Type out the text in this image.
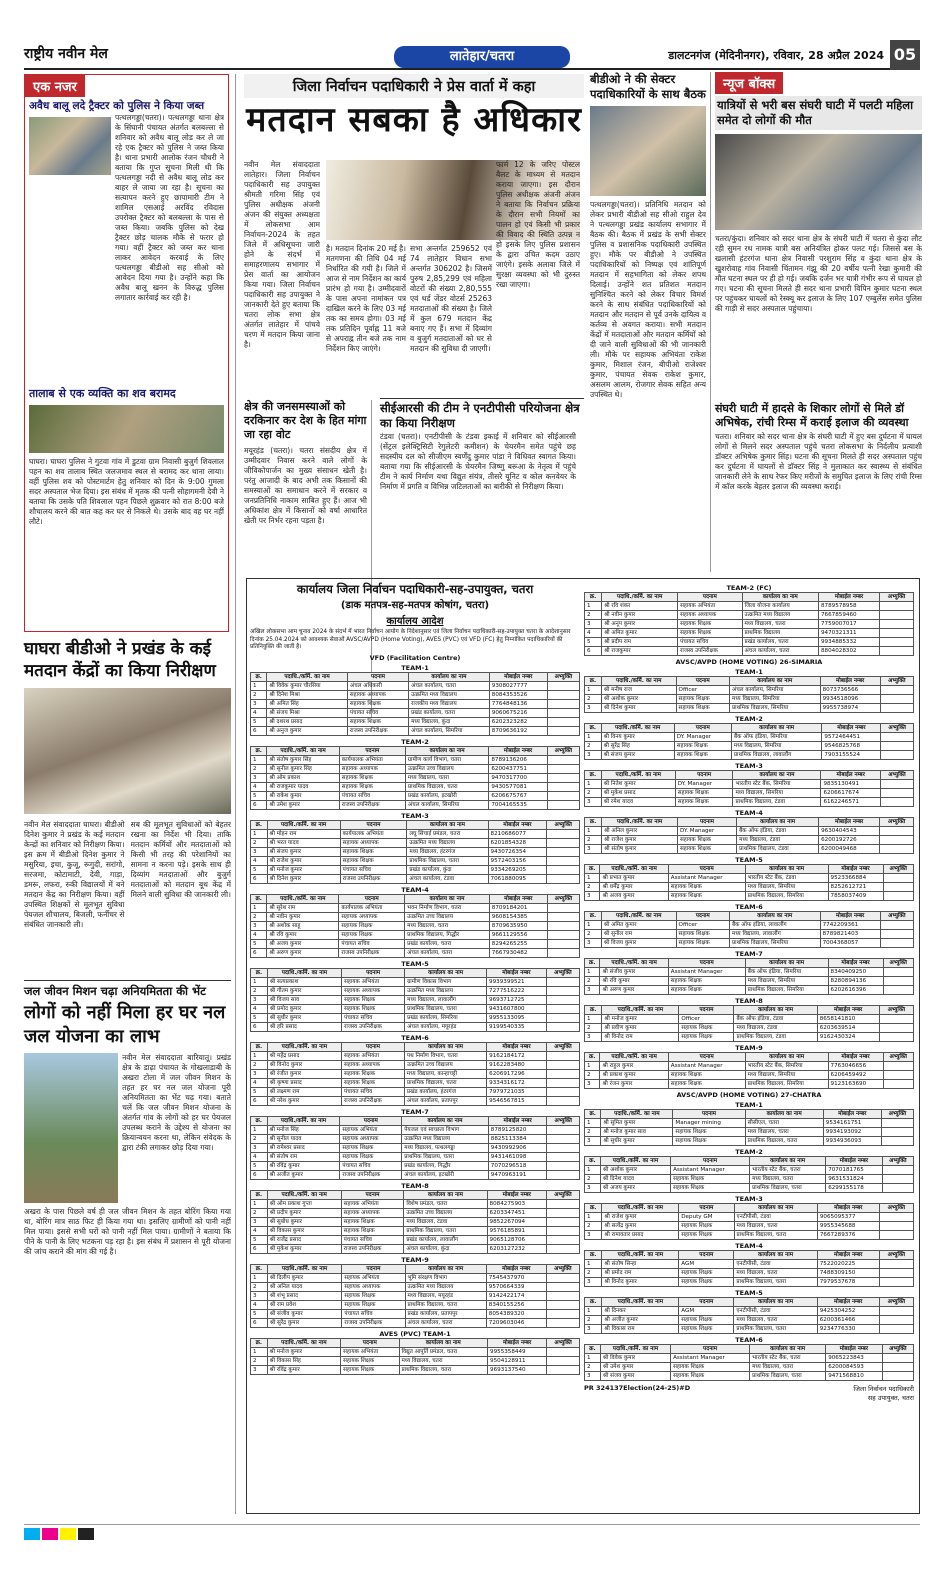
राष्ट्रीय नवीन मेल	लातेहार/चतरा	डालटनगंज (मेदिनीनगर), रविवार, 28 अप्रैल 2024 05
एक नजर
अवैध बालू लदे ट्रैक्टर को पुलिस ने किया जब्त
पत्थलगड्डा(चतरा)। पत्थलगड्डा थाना क्षेत्र के सिंघानी पंचायत अंतर्गत बलबल्ला से शनिवार को अवैध बालू लोड कर ले जा रहे एक ट्रैक्टर को पुलिस ने जब्त किया है। थाना प्रभारी आलोक रंजन चौधरी ने बताया कि गुप्त सूचना मिली थी कि पत्थलगड्डा नदी से अवैध बालू लोड कर बाहर ले जाया जा रहा है। सूचना का सत्यापन करने हुए छापामारी टीम ने शामिल एसआई अरविंद रविदास उपरोक्त ट्रैक्टर को बलबल्ला के पास से जब्त किया। जबकि पुलिस को देख ट्रैक्टर छोड़ चालक मौके से फरार हो गया। वहीं ट्रैक्टर को जब्त कर थाना लाकर आवेदन करवाई के लिए पत्थलगड्डा बीडीओ सह सीओ को आवेदन दिया गया है। उन्होंने कहा कि अवैध बालू खनन के विरुद्ध पुलिस लगातार कार्रवाई कर रही है।
तालाब से एक व्यक्ति का शव बरामद
घाघरा। घाघरा पुलिस ने गुटवा गांव में डुटवा ग्राम निवासी बुजुर्ग शिवलाल पहन का शव तालाब स्थित जलजमाव स्थल से बरामद कर थाना लाया। वहीं पुलिस शव को पोस्टमार्टम हेतु शनिवार को दिन के 9:00 गुमला सदर अस्पताल भेज दिया। इस संबंध में मृतक की पत्नी सोहागमनी देवी ने बताया कि उसके पति शिवलाल पहन पिछले शुक्रवार को रात 8:00 बजे शौचालय करने की बात कह कर घर से निकले थे। उसके बाद वह घर नहीं लौटे।
घाघरा बीडीओ ने प्रखंड के कई मतदान केंद्रों का किया निरीक्षण
नवीन मेल संवाददाता घाघरा। बीडीओ दिनेश कुमार ने प्रखंड के कई मतदान केन्द्रों का शनिवार को निरीक्षण किया। इस क्रम में बीडीओ दिनेश कुमार ने मसुरिया, इचा, कुजू, रूगुदी, सरांगो, सरजमा, कोटामाटी, देवी, गाड़ा, डमरू, लफरा, रुकी विद्यालयों में बने मतदान केंद्र का निरीक्षण किया। वहीं उपस्थित शिक्षकों से मूलभूत सुविधा पेयजल शौचालय, बिजली, फर्नीचर से संबंधित जानकारी ली।
सब की मूलभूत सुविधाओं को बेहतर रखना का निर्देश भी दिया। ताकि मतदान कर्मियों और मतदाताओं को किसी भी तरह की परेशानियों का सामना न करना पड़े। इसके साथ ही दिव्यांग मतदाताओं और बुजुर्ग मतदाताओं को मतदान बूथ केंद्र में मिलने वाली सुविधा की जानकारी ली।
जल जीवन मिशन चढ़ा अनियमितता की भेंट
लोगों को नहीं मिला हर घर नल जल योजना का लाभ
नवीन मेल संवाददाता बारियातू। प्रखंड क्षेत्र के डाढ़ा पंचायत के गोखलाडाबी के अखरा टोला में जल जीवन मिशन के तहत हर घर नल जल योजना पूरी अनियमितता का भेंट चढ़ गया। बताते चलें कि जल जीवन मिशन योजना के अंतर्गत गांव के लोगों को हर घर पेयजल उपलब्ध कराने के उद्देश्य से योजना का क्रियान्वयन करना था, लेकिन संवेदक के द्वारा टंकी लगाकर छोड़ दिया गया।
अखरा के पास पिछले वर्ष ही जल जीवन मिशन के तहत बोरिंग किया गया था, बोरिंग मात्र साठ फिट ही किया गया था। इसलिए ग्रामीणों को पानी नहीं मिल पाया। इससे सभी घरों को पानी नहीं मिल पाया। ग्रामीणों ने बताया कि पीने के पानी के लिए भटकना पड़ रहा है। इस संबंध में प्रशासन से पूरी योजना की जांच कराने की मांग की गई है।
जिला निर्वाचन पदाधिकारी ने प्रेस वार्ता में कहा
मतदान सबका है अधिकार
नवीन मेल संवाददाता लातेहार। जिला निर्वाचन पदाधिकारी सह उपायुक्त श्रीमती गरिमा सिंह एवं पुलिस अधीक्षक अंजनी अंजन की संयुक्त अध्यक्षता में लोकसभा आम निर्वाचन-2024 के तहत जिले में अधिसूचना जारी होने के संदर्भ में समाहरणालय सभागार में प्रेस वार्ता का आयोजन किया गया। जिला निर्वाचन पदाधिकारी सह उपायुक्त ने जानकारी देते हुए बताया कि चतरा लोक सभा क्षेत्र अंतर्गत लातेहार में पांचवे चरण में मतदान किया जाना है।
है। मतदान दिनांक 20 मई है। मतगणना की तिथि 04 मई निर्धारित की गयी है। जिले में आज से नाम निर्देशन का कार्य प्रारंभ हो गया है। उम्मीदवारों के पास अपना नामांकन पत्र दाखिल करने के लिए 03 मई तक का समय होगा। 03 मई तक प्रतिदिन पूर्वाह्न 11 बजे से अपराह्न तीन बजे तक नाम निर्देशन किए जाएंगे।
सभा अन्तर्गत 259652 एवं 74 लातेहार विधान सभा अन्तर्गत 306202 है। जिसमें पुरुष 2,85,299 एवं महिला वोटरों की संख्या 2,80,555 एवं थर्ड जेंडर वोटर्स 25263 मतदाताओं की संख्या है। जिले में कुल 679 मतदान केंद्र बनाए गए हैं। सभा में दिव्यांग व बुजुर्ग मतदाताओं को घर से मतदान की सुविधा दी जाएगी।
फार्म 12 के जरिए पोस्टल बैलट के माध्यम से मतदान कराया जाएगा। इस दौरान पुलिस अधीक्षक अंजनी अंजन ने बताया कि निर्वाचन प्रक्रिया के दौरान सभी नियमों का पालन हो एवं किसी भी प्रकार की विवाद की स्थिति उत्पन्न न हो इसके लिए पुलिस प्रशासन के द्वारा उचित कदम उठाए जाएंगे। इसके अलावा जिले में सुरक्षा व्यवस्था को भी दुरुस्त रखा जाएगा।
क्षेत्र की जनसमस्याओं को दरकिनार कर देश के हित मांगा जा रहा वोट
मयूरहंड (चतरा)। चतरा संसदीय क्षेत्र में उम्मीदवार निवास करने वाले लोगों के जीविकोपार्जन का मुख्य संसाधन खेती है। परंतु आजादी के बाद अभी तक किसानों की समस्याओं का समाधान करने में सरकार व जनप्रतिनिधि नाकाम साबित हुए हैं। आज भी अधिकांश क्षेत्र में किसानों को वर्षा आधारित खेती पर निर्भर रहना पड़ता है।
सीईआरसी की टीम ने एनटीपीसी परियोजना क्षेत्र का किया निरीक्षण
टंडवा (चतरा)। एनटीपीसी के टंडवा इकाई में शनिवार को सीईआरसी (सेंट्रल इलेक्ट्रिसिटी रेगुलेटरी कमीशन) के चेयरमैन समेत पहुंचे छह सदस्यीय दल को सीजीएम स्वर्णेंदु कुमार पांडा ने विधिवत स्वागत किया। बताया गया कि सीईआरसी के चेयरमैन जिष्णु बरूआ के नेतृत्व में पहुंचे टीम ने कार्य निर्माण यथा विद्युत संयंत्र, तीसरे यूनिट व कोल कनवेयर के निर्माण में प्रगति व विभिन्न जटिलताओं का बारीकी से निरीक्षण किया।
बीडीओ ने की सेक्टर पदाधिकारियों के साथ बैठक
पत्थलगड्डा(चतरा)। प्रतिनिधि मतदान को लेकर प्रभारी बीडीओ सह सीओ राहुल देव ने पत्थलगड्डा प्रखंड कार्यालय सभागार में बैठक की। बैठक में प्रखंड के सभी सेक्टर पुलिस व प्रशासनिक पदाधिकारी उपस्थित हुए। मौके पर बीडीओ ने उपस्थित पदाधिकारियों को निष्पक्ष एवं शांतिपूर्ण मतदान में सहभागिता को लेकर शपथ दिलाई। उन्होंने शत प्रतिशत मतदान सुनिश्चित करने को लेकर विचार विमर्श करने के साथ संबंधित पदाधिकारियों को मतदान और मतदान से पूर्व उनके दायित्व व कर्तव्य से अवगत कराया। सभी मतदान केंद्रों में मतदाताओं और मतदान कर्मियों को दी जाने वाली सुविधाओं की भी जानकारी ली। मौके पर सहायक अभियंता राकेश कुमार, मिशाल रंजन, बीपीओ राजेश्वर कुमार, पंचायत सेवक राकेश कुमार, असलम आलम, रोजगार सेवक सहित अन्य उपस्थित थे।
न्यूज बॉक्स
यात्रियों से भरी बस संघरी घाटी में पलटी महिला समेत दो लोगों की मौत
चतरा/कुंदा। शनिवार को सदर थाना क्षेत्र के संघरी घाटी में चतरा से कुंदा लौट रही सुमन रथ नामक यात्री बस अनियंत्रित होकर पलट गई। जिससे बस के खलासी हंटरगंज थाना क्षेत्र निवासी परशुराम सिंह व कुंदा थाना क्षेत्र के खुशरोवाह गांव निवासी चिंतामन गंझू की 20 वर्षीय पत्नी रेखा कुमारी की मौत घटना स्थल पर ही हो गई। जबकि दर्जन भर यात्री गंभीर रूप से घायल हो गए। घटना की सूचना मिलते ही सदर थाना प्रभारी विपिन कुमार घटना स्थल पर पहुंचकर घायलों को रेस्क्यू कर इलाज के लिए 107 एम्बुलेंस समेत पुलिस की गाड़ी से सदर अस्पताल पहुंचाया।
संघरी घाटी में हादसे के शिकार लोगों से मिले डॉ अभिषेक, रांची रिम्स में कराई इलाज की व्यवस्था
चतरा। शनिवार को सदर थाना क्षेत्र के संघरी घाटी में हुए बस दुर्घटना में घायल लोगों से मिलने सदर अस्पताल पहुंचे चतरा लोकसभा के निर्दलीय प्रत्याशी डॉक्टर अभिषेक कुमार सिंह। घटना की सूचना मिलते ही सदर अस्पताल पहुंच कर दुर्घटना में घायलों से डॉक्टर सिंह ने मुलाकात कर स्वास्थ्य से संबंधित जानकारी लेने के साथ रेफर किए मरीजों के समुचित इलाज के लिए रांची रिम्स में कॉल करके बेहतर इलाज की व्यवस्था कराई।
कार्यालय जिला निर्वाचन पदाधिकारी-सह-उपायुक्त, चतरा
(डाक मतपत्र-सह-मतपत्र कोषांग, चतरा)
कार्यालय आदेश
अखिल लोकसभा आम चुनाव 2024 के संदर्भ में भारत निर्वाचन आयोग के निदेशानुसार एवं जिला निर्वाचन पदाधिकारी-सह-उपायुक्त चतरा के आदेशानुसार दिनांक 25.04.2024 को आवश्यक सेवाओं AVSC/AVPD (Home Voting), AVES (PVC) एवं VFD (FC) हेतु निम्नांकित पदाधिकारियों की प्रतिनियुक्ति की जाती है।
VFD (Facilitation Centre)
TEAM-1
क्र.	पदाधि./कर्मि. का नाम	पदनाम	कार्यालय का नाम	मोबाईल नम्बर	अभ्युक्ति
1	श्री विवेक कुमार चौरसिया	अंचल अधिकारी	अंचल कार्यालय, चतरा	9308027777	
2	श्री दिनेश मिश्रा	सहायक अध्यापक	उत्क्रमित मध्य विद्यालय	8084353526	
3	श्री अमित सिंह	सहायक शिक्षक	राजकीय मध्य विद्यालय	7764848136	
4	श्री संजय मिश्रा	पंचायत सचिव	प्रखंड कार्यालय, चतरा	9060675216	
5	श्री दशरथ प्रसाद	सहायक शिक्षक	मध्य विद्यालय, कुंदा	6202323282	
6	श्री अनुज कुमार	राजस्व उपनिरीक्षक	अंचल कार्यालय, सिमरिया	8709636192	
TEAM-2
क्र.	पदाधि./कर्मि. का नाम	पदनाम	कार्यालय का नाम	मोबाईल नम्बर	अभ्युक्ति
1	श्री संतोष कुमार सिंह	कार्यपालक अभियंता	ग्रामीण कार्य विभाग, चतरा	8789136206	
2	श्री सुनील कुमार सिंह	सहायक अध्यापक	उत्क्रमित उच्च विद्यालय	6200437751	
3	श्री ओम प्रकाश	सहायक शिक्षक	मध्य विद्यालय, चतरा	9470317700	
4	श्री राजकुमार यादव	सहायक शिक्षक	प्राथमिक विद्यालय, चतरा	9430577081	
5	श्री राकेश कुमार	पंचायत सचिव	प्रखंड कार्यालय, इटखोरी	6206675767	
6	श्री उमेश कुमार	राजस्व उपनिरीक्षक	अंचल कार्यालय, सिमरिया	7004165535	
TEAM-3
क्र.	पदाधि./कर्मि. का नाम	पदनाम	कार्यालय का नाम	मोबाईल नम्बर	अभ्युक्ति
1	श्री मोहन राम	कार्यपालक अभियंता	लघु सिंचाई प्रमंडल, चतरा	8210686077	
2	श्री भरत यादव	सहायक अध्यापक	उत्क्रमित मध्य विद्यालय	6201854328	
3	श्री संजय कुमार	सहायक शिक्षक	मध्य विद्यालय, हंटरगंज	9430726354	
4	श्री राजेश कुमार	सहायक शिक्षक	प्राथमिक विद्यालय, चतरा	9572403156	
5	श्री मनोज कुमार	पंचायत सचिव	प्रखंड कार्यालय, कुंदा	9334269205	
6	श्री दिनेश कुमार	राजस्व उपनिरीक्षक	अंचल कार्यालय, टंडवा	7061880095	
TEAM-4
क्र.	पदाधि./कर्मि. का नाम	पदनाम	कार्यालय का नाम	मोबाईल नम्बर	अभ्युक्ति
1	श्री सुरेश राम	कार्यपालक अभियंता	भवन निर्माण विभाग, चतरा	8709184201	
2	श्री नवीन कुमार	सहायक अध्यापक	उत्क्रमित उच्च विद्यालय	9608154385	
3	श्री अशोक साहू	सहायक शिक्षक	मध्य विद्यालय, चतरा	8709635950	
4	श्री रवि कुमार	सहायक शिक्षक	प्राथमिक विद्यालय, गिद्धौर	9661129556	
5	श्री अजय कुमार	पंचायत सचिव	प्रखंड कार्यालय, चतरा	8294265255	
6	श्री अरुण कुमार	राजस्व उपनिरीक्षक	अंचल कार्यालय, चतरा	7667930482	
TEAM-5
क्र.	पदाधि./कर्मि. का नाम	पदनाम	कार्यालय का नाम	मोबाईल नम्बर	अभ्युक्ति
1	श्री सत्यप्रकाश	सहायक अभियंता	ग्रामीण विकास विभाग	9939399521	
2	श्री गौतम कुमार	सहायक अध्यापक	उत्क्रमित मध्य विद्यालय	7277516222	
3	श्री विजय साव	सहायक शिक्षक	मध्य विद्यालय, लावालौंग	9693712725	
4	श्री प्रमोद कुमार	सहायक शिक्षक	प्राथमिक विद्यालय, चतरा	9431607800	
5	श्री सुधीर कुमार	पंचायत सचिव	प्रखंड कार्यालय, सिमरिया	9955133095	
6	श्री हरि प्रसाद	राजस्व उपनिरीक्षक	अंचल कार्यालय, मयूरहंड	9199540335	
TEAM-6
क्र.	पदाधि./कर्मि. का नाम	पदनाम	कार्यालय का नाम	मोबाईल नम्बर	अभ्युक्ति
1	श्री महेंद्र प्रसाद	सहायक अभियंता	पथ निर्माण विभाग, चतरा	9162184172	
2	श्री विनोद कुमार	सहायक अध्यापक	उत्क्रमित उच्च विद्यालय	9162283480	
3	श्री रंजीत कुमार	सहायक शिक्षक	मध्य विद्यालय, कान्हाचट्टी	6206917296	
4	श्री कृष्णा प्रसाद	सहायक शिक्षक	प्राथमिक विद्यालय, चतरा	9334316172	
5	श्री लक्ष्मण राम	पंचायत सचिव	प्रखंड कार्यालय, हंटरगंज	7979721035	
6	श्री नरेश कुमार	राजस्व उपनिरीक्षक	अंचल कार्यालय, प्रतापपुर	9546567815	
TEAM-7
क्र.	पदाधि./कर्मि. का नाम	पदनाम	कार्यालय का नाम	मोबाईल नम्बर	अभ्युक्ति
1	श्री मनोज सिंह	सहायक अभियंता	पेयजल एवं स्वच्छता विभाग	8789125820	
2	श्री सुनील यादव	सहायक अध्यापक	उत्क्रमित मध्य विद्यालय	8825113384	
3	श्री रामेश्वर प्रसाद	सहायक शिक्षक	मध्य विद्यालय, पत्थलगड्डा	9430992906	
4	श्री संतोष राम	सहायक शिक्षक	प्राथमिक विद्यालय, चतरा	9431461098	
5	श्री रविंद्र कुमार	पंचायत सचिव	प्रखंड कार्यालय, गिद्धौर	7070296518	
6	श्री अजीत कुमार	राजस्व उपनिरीक्षक	अंचल कार्यालय, इटखोरी	9470963191	
TEAM-8
क्र.	पदाधि./कर्मि. का नाम	पदनाम	कार्यालय का नाम	मोबाईल नम्बर	अभ्युक्ति
1	श्री ओम प्रकाश गुप्ता	सहायक अभियंता	विशेष प्रमंडल, चतरा	8084275903	
2	श्री प्रदीप कुमार	सहायक अध्यापक	उत्क्रमित उच्च विद्यालय	6203347451	
3	श्री सुबोध कुमार	सहायक शिक्षक	मध्य विद्यालय, टंडवा	9852267094	
4	श्री विकास कुमार	सहायक शिक्षक	प्राथमिक विद्यालय, चतरा	9576185891	
5	श्री राजेंद्र प्रसाद	पंचायत सचिव	प्रखंड कार्यालय, लावालौंग	9065128706	
6	श्री मुकेश कुमार	राजस्व उपनिरीक्षक	अंचल कार्यालय, कुंदा	6203127232	
TEAM-9
क्र.	पदाधि./कर्मि. का नाम	पदनाम	कार्यालय का नाम	मोबाईल नम्बर	अभ्युक्ति
1	श्री दिलीप कुमार	सहायक अभियंता	भूमि संरक्षण विभाग	7545437970	
2	श्री अनिल यादव	सहायक अध्यापक	उत्क्रमित मध्य विद्यालय	9570664339	
3	श्री शंभू प्रसाद	सहायक शिक्षक	मध्य विद्यालय, मयूरहंड	9142422174	
4	श्री राम प्रवेश	सहायक शिक्षक	प्राथमिक विद्यालय, चतरा	8340155256	
5	श्री संजीव कुमार	पंचायत सचिव	प्रखंड कार्यालय, प्रतापपुर	8054389320	
6	श्री सुरेंद्र कुमार	राजस्व उपनिरीक्षक	अंचल कार्यालय, चतरा	7209603046	
AVES (PVC) TEAM-1
क्र.	पदाधि./कर्मि. का नाम	पदनाम	कार्यालय का नाम	मोबाईल नम्बर	अभ्युक्ति
1	श्री मनोज कुमार	सहायक अभियंता	विद्युत आपूर्ति प्रमंडल, चतरा	9955358449	
2	श्री विकास सिंह	सहायक शिक्षक	मध्य विद्यालय, चतरा	9504128911	
3	श्री रविंद्र कुमार	सहायक शिक्षक	प्राथमिक विद्यालय, चतरा	9693137540	
TEAM-2 (FC)
क्र.	पदाधि./कर्मि. का नाम	पदनाम	कार्यालय का नाम	मोबाईल नम्बर	अभ्युक्ति
1	श्री रवि शंकर	सहायक अभियंता	जिला योजना कार्यालय	8789578958	
2	श्री नवीन कुमार	सहायक अध्यापक	उत्क्रमित मध्य विद्यालय	7667859460	
3	श्री अनूप कुमार	सहायक शिक्षक	मध्य विद्यालय, चतरा	7759007017	
4	श्री अमित कुमार	सहायक शिक्षक	प्राथमिक विद्यालय	9470321311	
5	श्री प्रदीप राम	पंचायत सचिव	प्रखंड कार्यालय, चतरा	9934885332	
6	श्री राजकुमार	राजस्व उपनिरीक्षक	अंचल कार्यालय, चतरा	8804028302	
AVSC/AVPD (HOME VOTING) 26-SIMARIA
TEAM-1
क्र.	पदाधि./कर्मि. का नाम	पदनाम	कार्यालय का नाम	मोबाईल नम्बर	अभ्युक्ति
1	श्री मनीष राज	Officer	अंचल कार्यालय, सिमरिया	8073736566	
2	श्री अशोक कुमार	सहायक शिक्षक	मध्य विद्यालय, सिमरिया	9934518096	
3	श्री दिनेश कुमार	सहायक शिक्षक	प्राथमिक विद्यालय, सिमरिया	9955738974	
TEAM-2
क्र.	पदाधि./कर्मि. का नाम	पदनाम	कार्यालय का नाम	मोबाईल नम्बर	अभ्युक्ति
1	श्री विनय कुमार	DY. Manager	बैंक ऑफ इंडिया, सिमरिया	9572464451	
2	श्री सुरेंद्र सिंह	सहायक शिक्षक	मध्य विद्यालय, सिमरिया	9546825768	
3	श्री संजय कुमार	सहायक शिक्षक	प्राथमिक विद्यालय, लावालौंग	7903155524	
TEAM-3
क्र.	पदाधि./कर्मि. का नाम	पदनाम	कार्यालय का नाम	मोबाईल नम्बर	अभ्युक्ति
1	श्री नितेश कुमार	DY. Manager	भारतीय स्टेट बैंक, सिमरिया	9835130491	
2	श्री मुकेश प्रसाद	सहायक शिक्षक	मध्य विद्यालय, सिमरिया	6206617674	
3	श्री रमेश यादव	सहायक शिक्षक	प्राथमिक विद्यालय, टंडवा	6162246571	
TEAM-4
क्र.	पदाधि./कर्मि. का नाम	पदनाम	कार्यालय का नाम	मोबाईल नम्बर	अभ्युक्ति
1	श्री अनिल कुमार	DY. Manager	बैंक ऑफ इंडिया, टंडवा	9630404543	
2	श्री राजेश कुमार	सहायक शिक्षक	मध्य विद्यालय, टंडवा	6200192726	
3	श्री संतोष कुमार	सहायक शिक्षक	प्राथमिक विद्यालय, टंडवा	6200049468	
TEAM-5
क्र.	पदाधि./कर्मि. का नाम	पदनाम	कार्यालय का नाम	मोबाईल नम्बर	अभ्युक्ति
1	श्री प्रभात कुमार	Assistant Manager	भारतीय स्टेट बैंक, टंडवा	9523366884	
2	श्री धर्मेंद्र कुमार	सहायक शिक्षक	मध्य विद्यालय, सिमरिया	8252612721	
3	श्री अजय कुमार	सहायक शिक्षक	प्राथमिक विद्यालय, सिमरिया	7858037409	
TEAM-6
क्र.	पदाधि./कर्मि. का नाम	पदनाम	कार्यालय का नाम	मोबाईल नम्बर	अभ्युक्ति
1	श्री अमित कुमार	Officer	बैंक ऑफ इंडिया, लावालौंग	7742209361	
2	श्री सुनील राम	सहायक शिक्षक	मध्य विद्यालय, लावालौंग	8789821403	
3	श्री विजय कुमार	सहायक शिक्षक	प्राथमिक विद्यालय, सिमरिया	7004368057	
TEAM-7
क्र.	पदाधि./कर्मि. का नाम	पदनाम	कार्यालय का नाम	मोबाईल नम्बर	अभ्युक्ति
1	श्री संजीव कुमार	Assistant Manager	बैंक ऑफ इंडिया, सिमरिया	8340409250	
2	श्री रवि कुमार	सहायक शिक्षक	मध्य विद्यालय, सिमरिया	8280894136	
3	श्री अरुण कुमार	सहायक शिक्षक	प्राथमिक विद्यालय, सिमरिया	6202616396	
TEAM-8
क्र.	पदाधि./कर्मि. का नाम	पदनाम	कार्यालय का नाम	मोबाईल नम्बर	अभ्युक्ति
1	श्री मनोज कुमार	Officer	बैंक ऑफ इंडिया, टंडवा	8658141810	
2	श्री प्रवीण कुमार	सहायक शिक्षक	मध्य विद्यालय, टंडवा	6203639514	
3	श्री विनोद राम	सहायक शिक्षक	प्राथमिक विद्यालय, टंडवा	9162430324	
TEAM-9
क्र.	पदाधि./कर्मि. का नाम	पदनाम	कार्यालय का नाम	मोबाईल नम्बर	अभ्युक्ति
1	श्री राहुल कुमार	Assistant Manager	भारतीय स्टेट बैंक, सिमरिया	7763046656	
2	श्री प्रकाश कुमार	सहायक शिक्षक	मध्य विद्यालय, सिमरिया	6206459492	
3	श्री रंजन कुमार	सहायक शिक्षक	प्राथमिक विद्यालय, सिमरिया	9123163690	
AVSC/AVPD (HOME VOTING) 27-CHATRA
TEAM-1
क्र.	पदाधि./कर्मि. का नाम	पदनाम	कार्यालय का नाम	मोबाईल नम्बर	अभ्युक्ति
1	श्री सुमित कुमार	Manager mining	सीसीएल, चतरा	9534161751	
2	श्री मनोज कुमार साव	सहायक शिक्षक	मध्य विद्यालय, चतरा	9934193092	
3	श्री सुधीर कुमार	सहायक शिक्षक	प्राथमिक विद्यालय, चतरा	9934936093	
TEAM-2
क्र.	पदाधि./कर्मि. का नाम	पदनाम	कार्यालय का नाम	मोबाईल नम्बर	अभ्युक्ति
1	श्री अशोक कुमार	Assistant Manager	भारतीय स्टेट बैंक, चतरा	7070181765	
2	श्री दिनेश यादव	सहायक शिक्षक	मध्य विद्यालय, चतरा	9631531824	
3	श्री अजय कुमार	सहायक शिक्षक	प्राथमिक विद्यालय, चतरा	6299155178	
TEAM-3
क्र.	पदाधि./कर्मि. का नाम	पदनाम	कार्यालय का नाम	मोबाईल नम्बर	अभ्युक्ति
1	श्री राजेश कुमार	Deputy GM	एनटीपीसी, टंडवा	9065095377	
2	श्री सत्येंद्र कुमार	सहायक शिक्षक	मध्य विद्यालय, चतरा	9955345688	
3	श्री रामावतार प्रसाद	सहायक शिक्षक	प्राथमिक विद्यालय, चतरा	7667289376	
TEAM-4
क्र.	पदाधि./कर्मि. का नाम	पदनाम	कार्यालय का नाम	मोबाईल नम्बर	अभ्युक्ति
1	श्री संतोष सिन्हा	AGM	एनटीपीसी, टंडवा	7522020225	
2	श्री प्रमोद राम	सहायक शिक्षक	मध्य विद्यालय, चतरा	7488309150	
3	श्री विनोद कुमार	सहायक शिक्षक	प्राथमिक विद्यालय, चतरा	7979537678	
TEAM-5
क्र.	पदाधि./कर्मि. का नाम	पदनाम	कार्यालय का नाम	मोबाईल नम्बर	अभ्युक्ति
1	श्री दिनकर	AGM	एनटीपीसी, टंडवा	9425304252	
2	श्री अजीत कुमार	सहायक शिक्षक	मध्य विद्यालय, चतरा	6200361466	
3	श्री विकास राम	सहायक शिक्षक	प्राथमिक विद्यालय, चतरा	9234776330	
TEAM-6
क्र.	पदाधि./कर्मि. का नाम	पदनाम	कार्यालय का नाम	मोबाईल नम्बर	अभ्युक्ति
1	श्री विवेक कुमार	Assistant Manager	भारतीय स्टेट बैंक, चतरा	9065223843	
2	श्री उमेश कुमार	सहायक शिक्षक	मध्य विद्यालय, चतरा	6200084593	
3	श्री संजय कुमार	सहायक शिक्षक	प्राथमिक विद्यालय, चतरा	9471568810	
PR 324137Election(24-25)#D	जिला निर्वाचन पदाधिकारी
सह उपायुक्त, चतरा
